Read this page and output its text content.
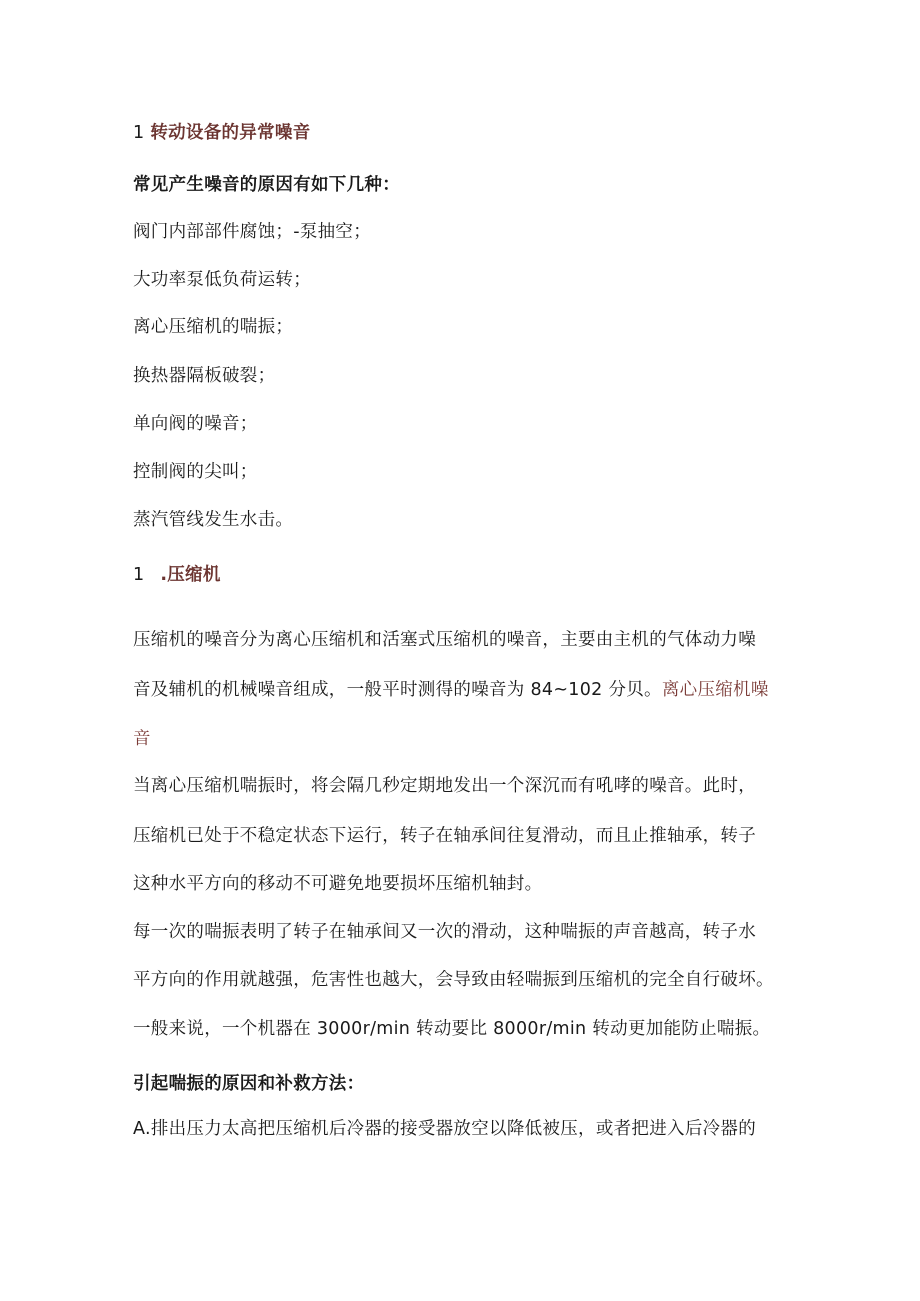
1 转动设备的异常噪音
常见产生噪音的原因有如下几种：
阀门内部部件腐蚀；-泵抽空；
大功率泵低负荷运转；
离心压缩机的喘振；
换热器隔板破裂；
单向阀的噪音；
控制阀的尖叫；
蒸汽管线发生水击。
1 .压缩机
压缩机的噪音分为离心压缩机和活塞式压缩机的噪音，主要由主机的气体动力噪
音及辅机的机械噪音组成，一般平时测得的噪音为 84~102 分贝。离心压缩机噪
音
当离心压缩机喘振时，将会隔几秒定期地发出一个深沉而有吼哮的噪音。此时，
压缩机已处于不稳定状态下运行，转子在轴承间往复滑动，而且止推轴承，转子
这种水平方向的移动不可避免地要损坏压缩机轴封。
每一次的喘振表明了转子在轴承间又一次的滑动，这种喘振的声音越高，转子水
平方向的作用就越强，危害性也越大，会导致由轻喘振到压缩机的完全自行破坏。
一般来说，一个机器在 3000r/min 转动要比 8000r/min 转动更加能防止喘振。
引起喘振的原因和补救方法：
A.排出压力太高把压缩机后冷器的接受器放空以降低被压，或者把进入后冷器的
